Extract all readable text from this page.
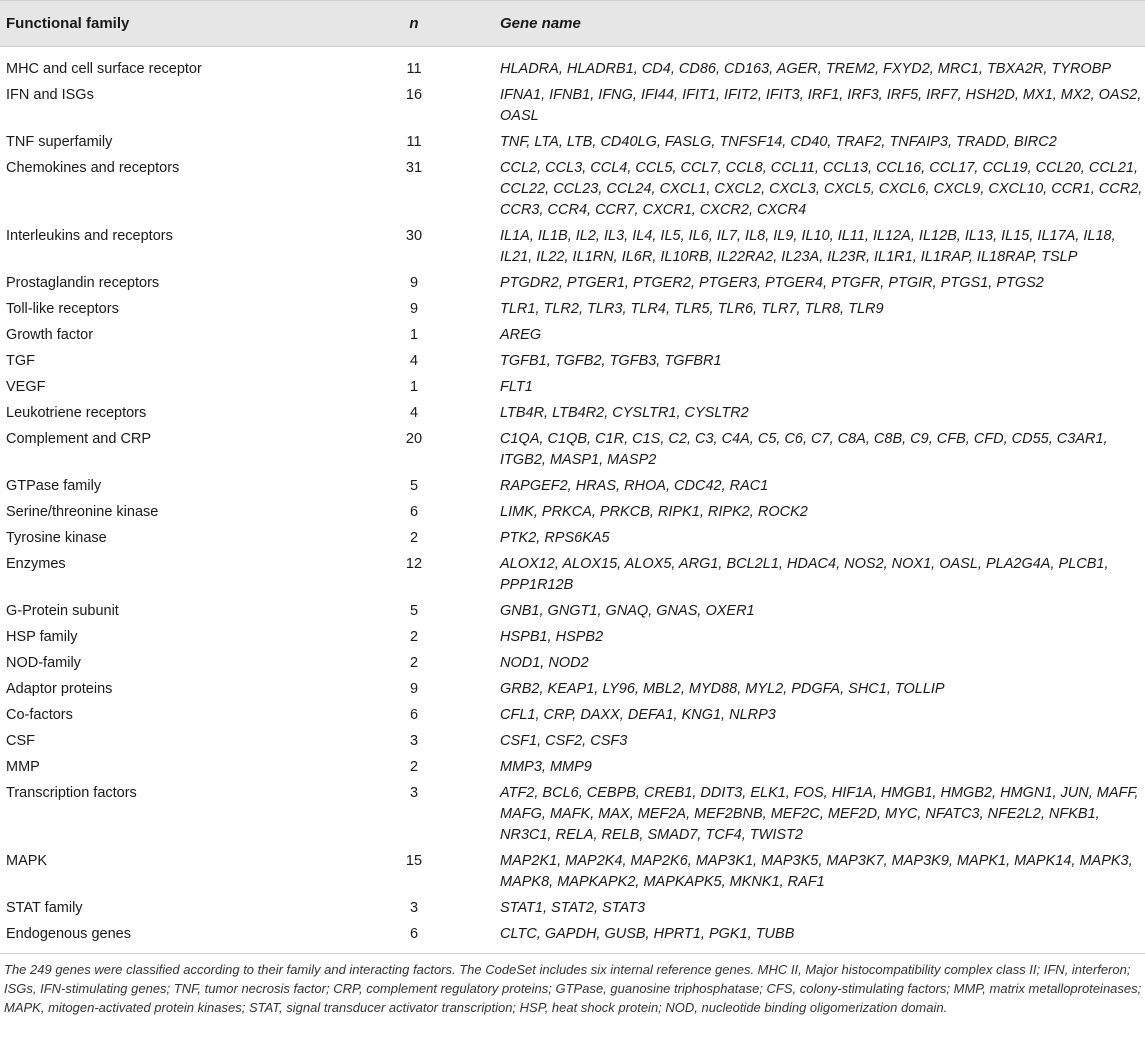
Functional family	n	Gene name
MHC and cell surface receptor	11	HLADRA, HLADRB1, CD4, CD86, CD163, AGER, TREM2, FXYD2, MRC1, TBXA2R, TYROBP
IFN and ISGs	16	IFNA1, IFNB1, IFNG, IFI44, IFIT1, IFIT2, IFIT3, IRF1, IRF3, IRF5, IRF7, HSH2D, MX1, MX2, OAS2, OASL
TNF superfamily	11	TNF, LTA, LTB, CD40LG, FASLG, TNFSF14, CD40, TRAF2, TNFAIP3, TRADD, BIRC2
Chemokines and receptors	31	CCL2, CCL3, CCL4, CCL5, CCL7, CCL8, CCL11, CCL13, CCL16, CCL17, CCL19, CCL20, CCL21, CCL22, CCL23, CCL24, CXCL1, CXCL2, CXCL3, CXCL5, CXCL6, CXCL9, CXCL10, CCR1, CCR2, CCR3, CCR4, CCR7, CXCR1, CXCR2, CXCR4
Interleukins and receptors	30	IL1A, IL1B, IL2, IL3, IL4, IL5, IL6, IL7, IL8, IL9, IL10, IL11, IL12A, IL12B, IL13, IL15, IL17A, IL18, IL21, IL22, IL1RN, IL6R, IL10RB, IL22RA2, IL23A, IL23R, IL1R1, IL1RAP, IL18RAP, TSLP
Prostaglandin receptors	9	PTGDR2, PTGER1, PTGER2, PTGER3, PTGER4, PTGFR, PTGIR, PTGS1, PTGS2
Toll-like receptors	9	TLR1, TLR2, TLR3, TLR4, TLR5, TLR6, TLR7, TLR8, TLR9
Growth factor	1	AREG
TGF	4	TGFB1, TGFB2, TGFB3, TGFBR1
VEGF	1	FLT1
Leukotriene receptors	4	LTB4R, LTB4R2, CYSLTR1, CYSLTR2
Complement and CRP	20	C1QA, C1QB, C1R, C1S, C2, C3, C4A, C5, C6, C7, C8A, C8B, C9, CFB, CFD, CD55, C3AR1, ITGB2, MASP1, MASP2
GTPase family	5	RAPGEF2, HRAS, RHOA, CDC42, RAC1
Serine/threonine kinase	6	LIMK, PRKCA, PRKCB, RIPK1, RIPK2, ROCK2
Tyrosine kinase	2	PTK2, RPS6KA5
Enzymes	12	ALOX12, ALOX15, ALOX5, ARG1, BCL2L1, HDAC4, NOS2, NOX1, OASL, PLA2G4A, PLCB1, PPP1R12B
G-Protein subunit	5	GNB1, GNGT1, GNAQ, GNAS, OXER1
HSP family	2	HSPB1, HSPB2
NOD-family	2	NOD1, NOD2
Adaptor proteins	9	GRB2, KEAP1, LY96, MBL2, MYD88, MYL2, PDGFA, SHC1, TOLLIP
Co-factors	6	CFL1, CRP, DAXX, DEFA1, KNG1, NLRP3
CSF	3	CSF1, CSF2, CSF3
MMP	2	MMP3, MMP9
Transcription factors	3	ATF2, BCL6, CEBPB, CREB1, DDIT3, ELK1, FOS, HIF1A, HMGB1, HMGB2, HMGN1, JUN, MAFF, MAFG, MAFK, MAX, MEF2A, MEF2BNB, MEF2C, MEF2D, MYC, NFATC3, NFE2L2, NFKB1, NR3C1, RELA, RELB, SMAD7, TCF4, TWIST2
MAPK	15	MAP2K1, MAP2K4, MAP2K6, MAP3K1, MAP3K5, MAP3K7, MAP3K9, MAPK1, MAPK14, MAPK3, MAPK8, MAPKAPK2, MAPKAPK5, MKNK1, RAF1
STAT family	3	STAT1, STAT2, STAT3
Endogenous genes	6	CLTC, GAPDH, GUSB, HPRT1, PGK1, TUBB
The 249 genes were classified according to their family and interacting factors. The CodeSet includes six internal reference genes. MHC II, Major histocompatibility complex class II; IFN, interferon; ISGs, IFN-stimulating genes; TNF, tumor necrosis factor; CRP, complement regulatory proteins; GTPase, guanosine triphosphatase; CFS, colony-stimulating factors; MMP, matrix metalloproteinases; MAPK, mitogen-activated protein kinases; STAT, signal transducer activator transcription; HSP, heat shock protein; NOD, nucleotide binding oligomerization domain.
